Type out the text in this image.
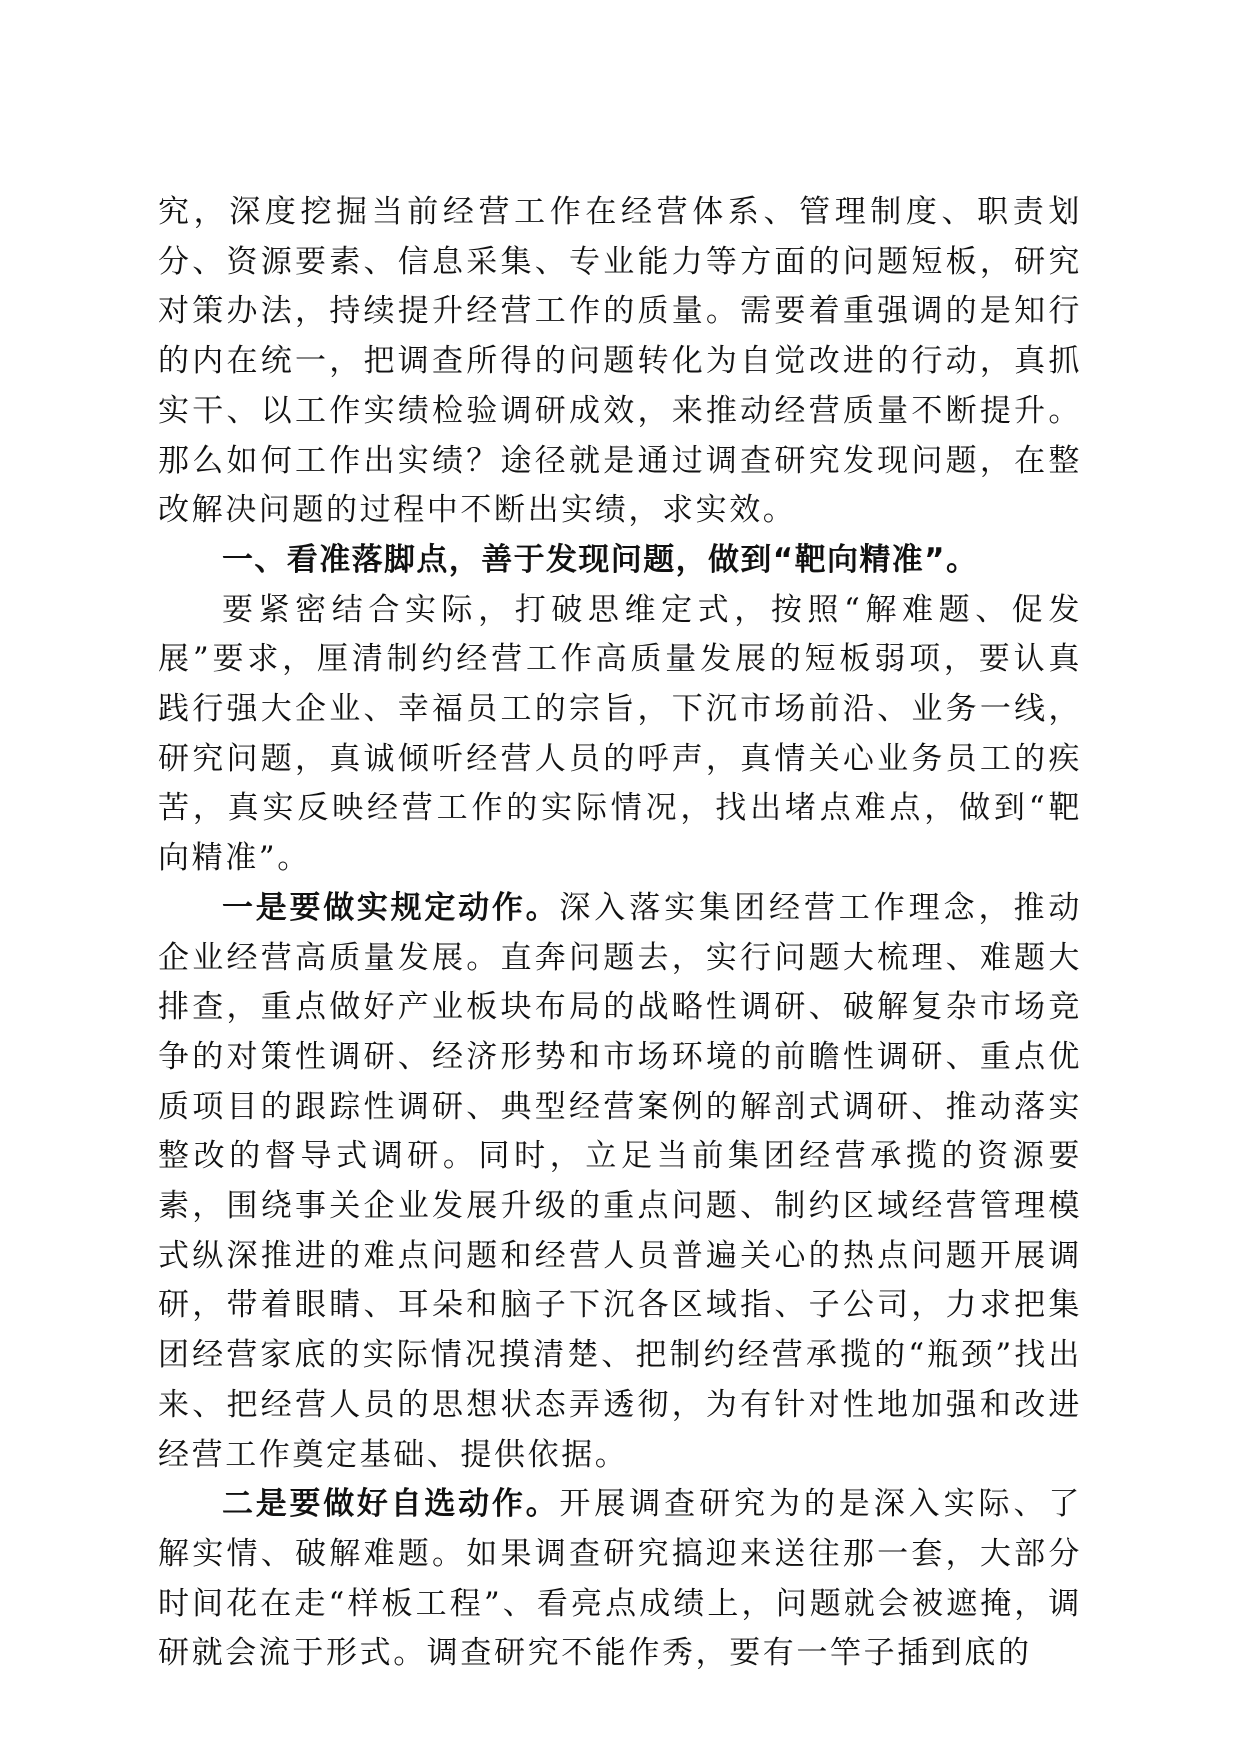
究，深度挖掘当前经营工作在经营体系、管理制度、职责划分、资源要素、信息采集、专业能力等方面的问题短板，研究对策办法，持续提升经营工作的质量。需要着重强调的是知行的内在统一，把调查所得的问题转化为自觉改进的行动，真抓实干、以工作实绩检验调研成效，来推动经营质量不断提升。那么如何工作出实绩？途径就是通过调查研究发现问题，在整改解决问题的过程中不断出实绩，求实效。

一、看准落脚点，善于发现问题，做到“靶向精准”。

要紧密结合实际，打破思维定式，按照“解难题、促发展”要求，厘清制约经营工作高质量发展的短板弱项，要认真践行强大企业、幸福员工的宗旨，下沉市场前沿、业务一线，研究问题，真诚倾听经营人员的呼声，真情关心业务员工的疾苦，真实反映经营工作的实际情况，找出堵点难点，做到“靶向精准”。

一是要做实规定动作。深入落实集团经营工作理念，推动企业经营高质量发展。直奔问题去，实行问题大梳理、难题大排查，重点做好产业板块布局的战略性调研、破解复杂市场竞争的对策性调研、经济形势和市场环境的前瞻性调研、重点优质项目的跟踪性调研、典型经营案例的解剖式调研、推动落实整改的督导式调研。同时，立足当前集团经营承揽的资源要素，围绕事关企业发展升级的重点问题、制约区域经营管理模式纵深推进的难点问题和经营人员普遍关心的热点问题开展调研，带着眼睛、耳朵和脑子下沉各区域指、子公司，力求把集团经营家底的实际情况摸清楚、把制约经营承揽的“瓶颈”找出来、把经营人员的思想状态弄透彻，为有针对性地加强和改进经营工作奠定基础、提供依据。

二是要做好自选动作。开展调查研究为的是深入实际、了解实情、破解难题。如果调查研究搞迎来送往那一套，大部分时间花在走“样板工程”、看亮点成绩上，问题就会被遮掩，调研就会流于形式。调查研究不能作秀，要有一竿子插到底的
